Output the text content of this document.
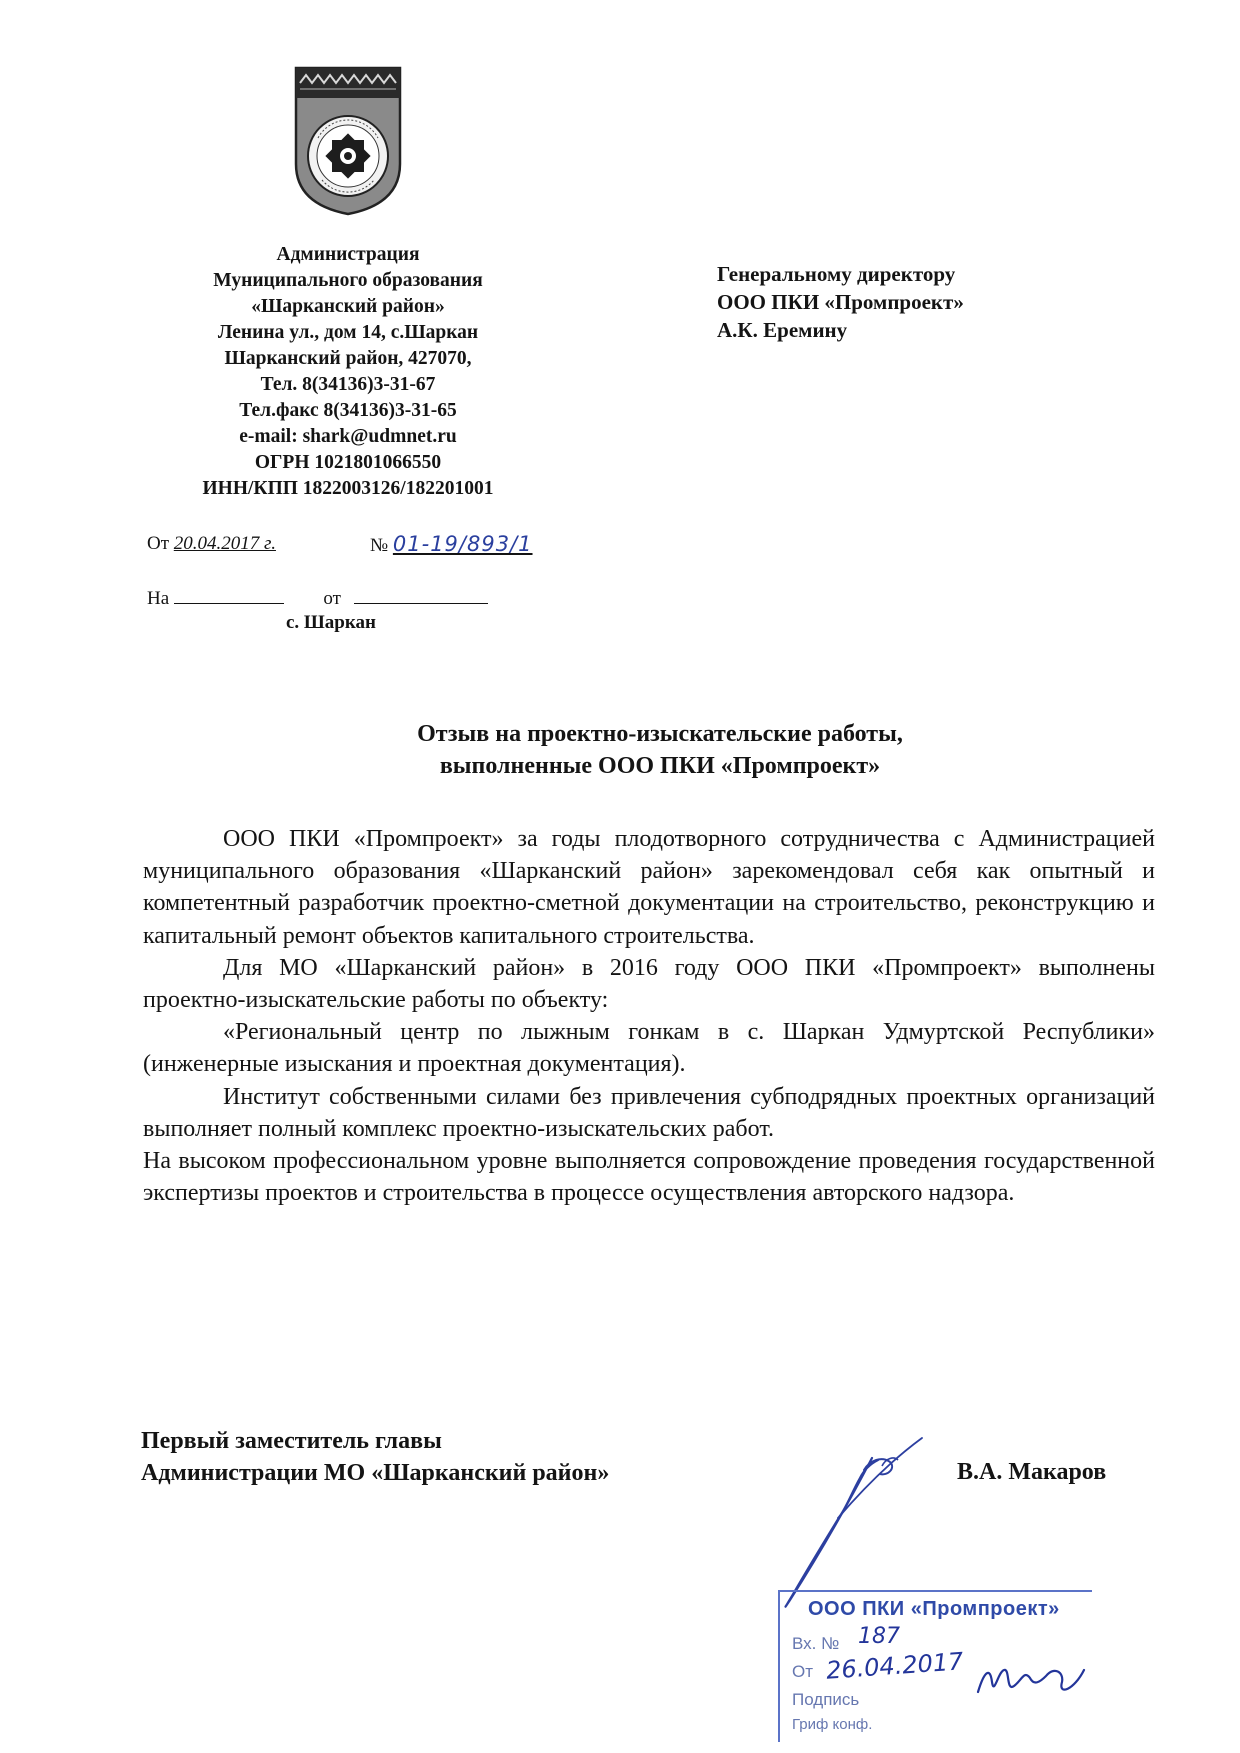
Администрация
Муниципального образования
«Шарканский район»
Ленина ул., дом 14, с.Шаркан
Шарканский район, 427070,
Тел. 8(34136)3-31-67
Тел.факс 8(34136)3-31-65
e-mail: shark@udmnet.ru
ОГРН 1021801066550
ИНН/КПП 1822003126/182201001
Генеральному директору
ООО ПКИ «Промпроект»
А.К. Еремину
От 20.04.2017 г.	№ 01-19/893/1
На	от
с. Шаркан
Отзыв на проектно-изыскательские работы,
выполненные ООО ПКИ «Промпроект»

ООО ПКИ «Промпроект» за годы плодотворного сотрудничества с Администрацией муниципального образования «Шарканский район» зарекомендовал себя как опытный и компетентный разработчик проектно-сметной документации на строительство, реконструкцию и капитальный ремонт объектов капитального строительства.

Для МО «Шарканский район» в 2016 году ООО ПКИ «Промпроект» выполнены проектно-изыскательские работы по объекту:

«Региональный центр по лыжным гонкам в с. Шаркан Удмуртской Республики» (инженерные изыскания и проектная документация).

Институт собственными силами без привлечения субподрядных проектных организаций выполняет полный комплекс проектно-изыскательских работ.

На высоком профессиональном уровне выполняется сопровождение проведения государственной экспертизы проектов и строительства в процессе осуществления авторского надзора.

Первый заместитель главы
Администрации МО «Шарканский район»	В.А. Макаров
ООО ПКИ «Промпроект»
Вх. № 187
От 26.04.2017
Подпись
Гриф конф.
